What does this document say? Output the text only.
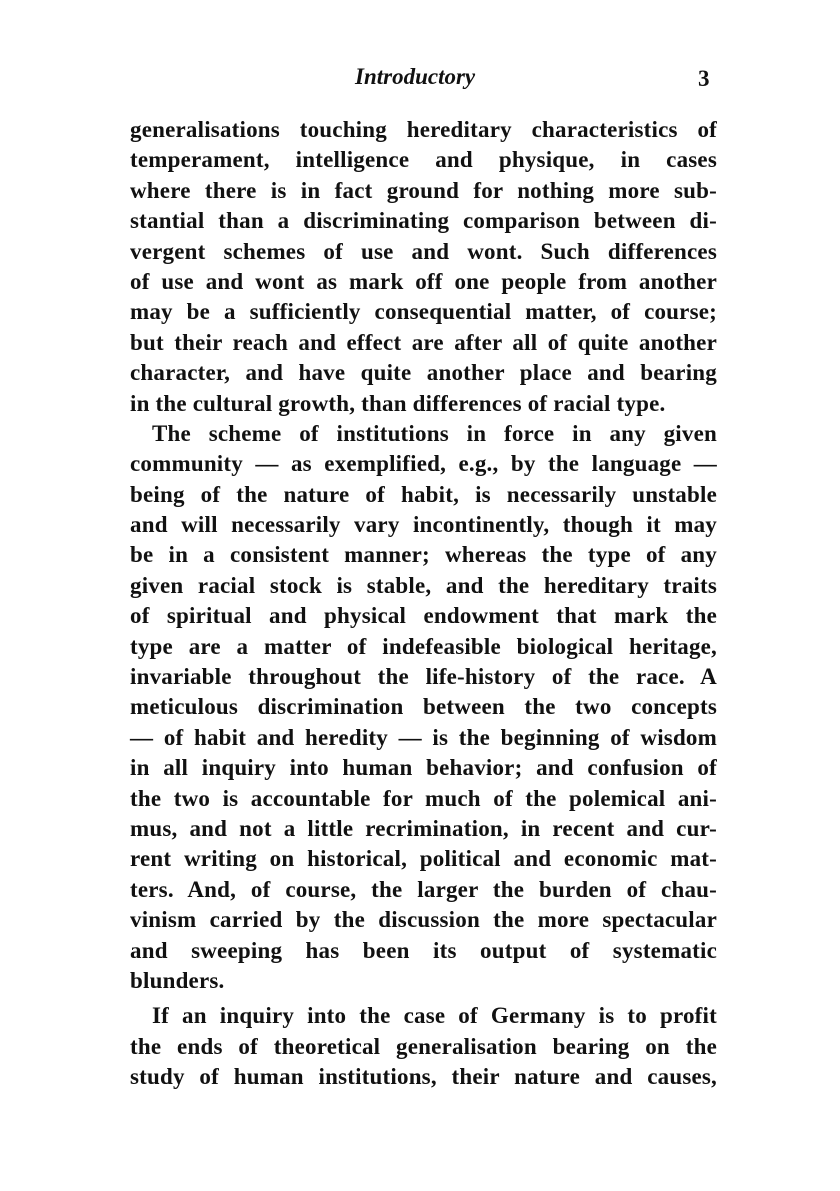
Introductory	3
generalisations touching hereditary characteristics of
temperament, intelligence and physique, in cases
where there is in fact ground for nothing more sub-
stantial than a discriminating comparison between di-
vergent schemes of use and wont. Such differences
of use and wont as mark off one people from another
may be a sufficiently consequential matter, of course;
but their reach and effect are after all of quite another
character, and have quite another place and bearing
in the cultural growth, than differences of racial type.
The scheme of institutions in force in any given
community — as exemplified, e.g., by the language —
being of the nature of habit, is necessarily unstable
and will necessarily vary incontinently, though it may
be in a consistent manner; whereas the type of any
given racial stock is stable, and the hereditary traits
of spiritual and physical endowment that mark the
type are a matter of indefeasible biological heritage,
invariable throughout the life-history of the race. A
meticulous discrimination between the two concepts
— of habit and heredity — is the beginning of wisdom
in all inquiry into human behavior; and confusion of
the two is accountable for much of the polemical ani-
mus, and not a little recrimination, in recent and cur-
rent writing on historical, political and economic mat-
ters. And, of course, the larger the burden of chau-
vinism carried by the discussion the more spectacular
and sweeping has been its output of systematic
blunders.
If an inquiry into the case of Germany is to profit
the ends of theoretical generalisation bearing on the
study of human institutions, their nature and causes,
